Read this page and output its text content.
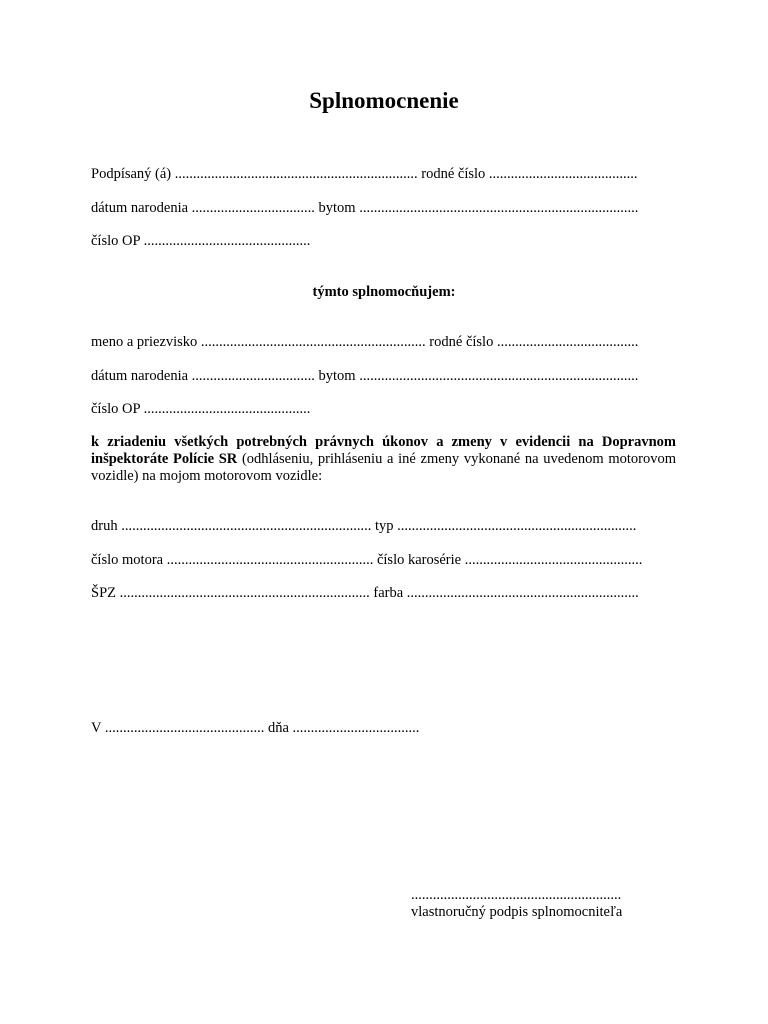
Splnomocnenie
Podpísaný (á) ................................................................... rodné číslo .........................................
dátum narodenia .................................. bytom .............................................................................
číslo OP ..............................................
týmto splnomocňujem:
meno a priezvisko .............................................................. rodné číslo .......................................
dátum narodenia .................................. bytom .............................................................................
číslo OP ..............................................
k zriadeniu všetkých potrebných právnych úkonov a zmeny v evidencii na Dopravnom inšpektoráte Polície SR (odhláseniu, prihláseniu a iné zmeny vykonané na uvedenom motorovom vozidle) na mojom motorovom vozidle:
druh ..................................................................... typ ..................................................................
číslo motora ......................................................... číslo karosérie .................................................
ŠPZ ..................................................................... farba ................................................................
V ............................................ dňa ...................................
..........................................................
vlastnoručný podpis splnomocniteľa
